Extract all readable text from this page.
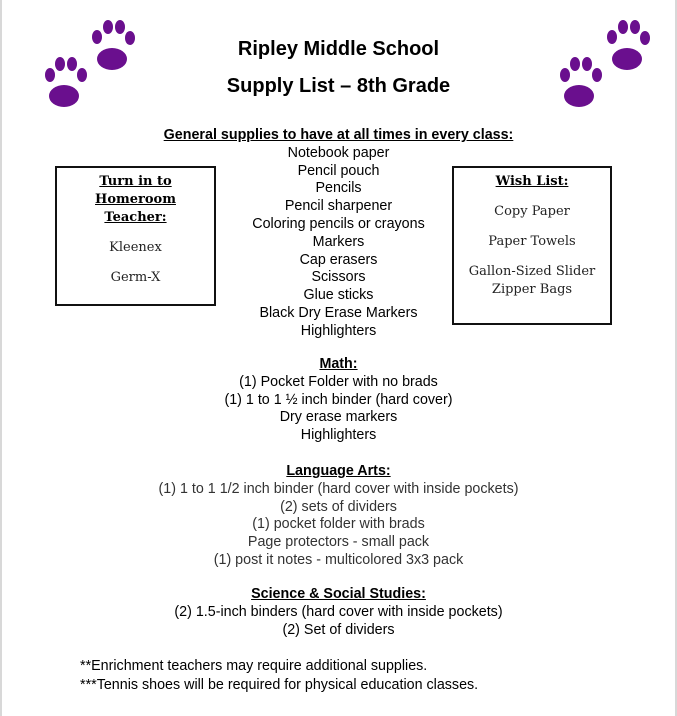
Ripley Middle School
Supply List – 8th Grade
General supplies to have at all times in every class:
Notebook paper
Pencil pouch
Pencils
Pencil sharpener
Coloring pencils or crayons
Markers
Cap erasers
Scissors
Glue sticks
Black Dry Erase Markers
Highlighters
Turn in to
Homeroom
Teacher:
Kleenex
Germ-X
Wish List:
Copy Paper
Paper Towels
Gallon-Sized Slider
Zipper Bags
Math:
(1) Pocket Folder with no brads
(1) 1 to 1 ½ inch binder (hard cover)
Dry erase markers
Highlighters
Language Arts:
(1) 1 to 1 1/2 inch binder (hard cover with inside pockets)
(2) sets of dividers
(1) pocket folder with brads
Page protectors - small pack
(1) post it notes - multicolored 3x3 pack
Science & Social Studies:
(2) 1.5-inch binders (hard cover with inside pockets)
(2) Set of dividers
**Enrichment teachers may require additional supplies.
***Tennis shoes will be required for physical education classes.
